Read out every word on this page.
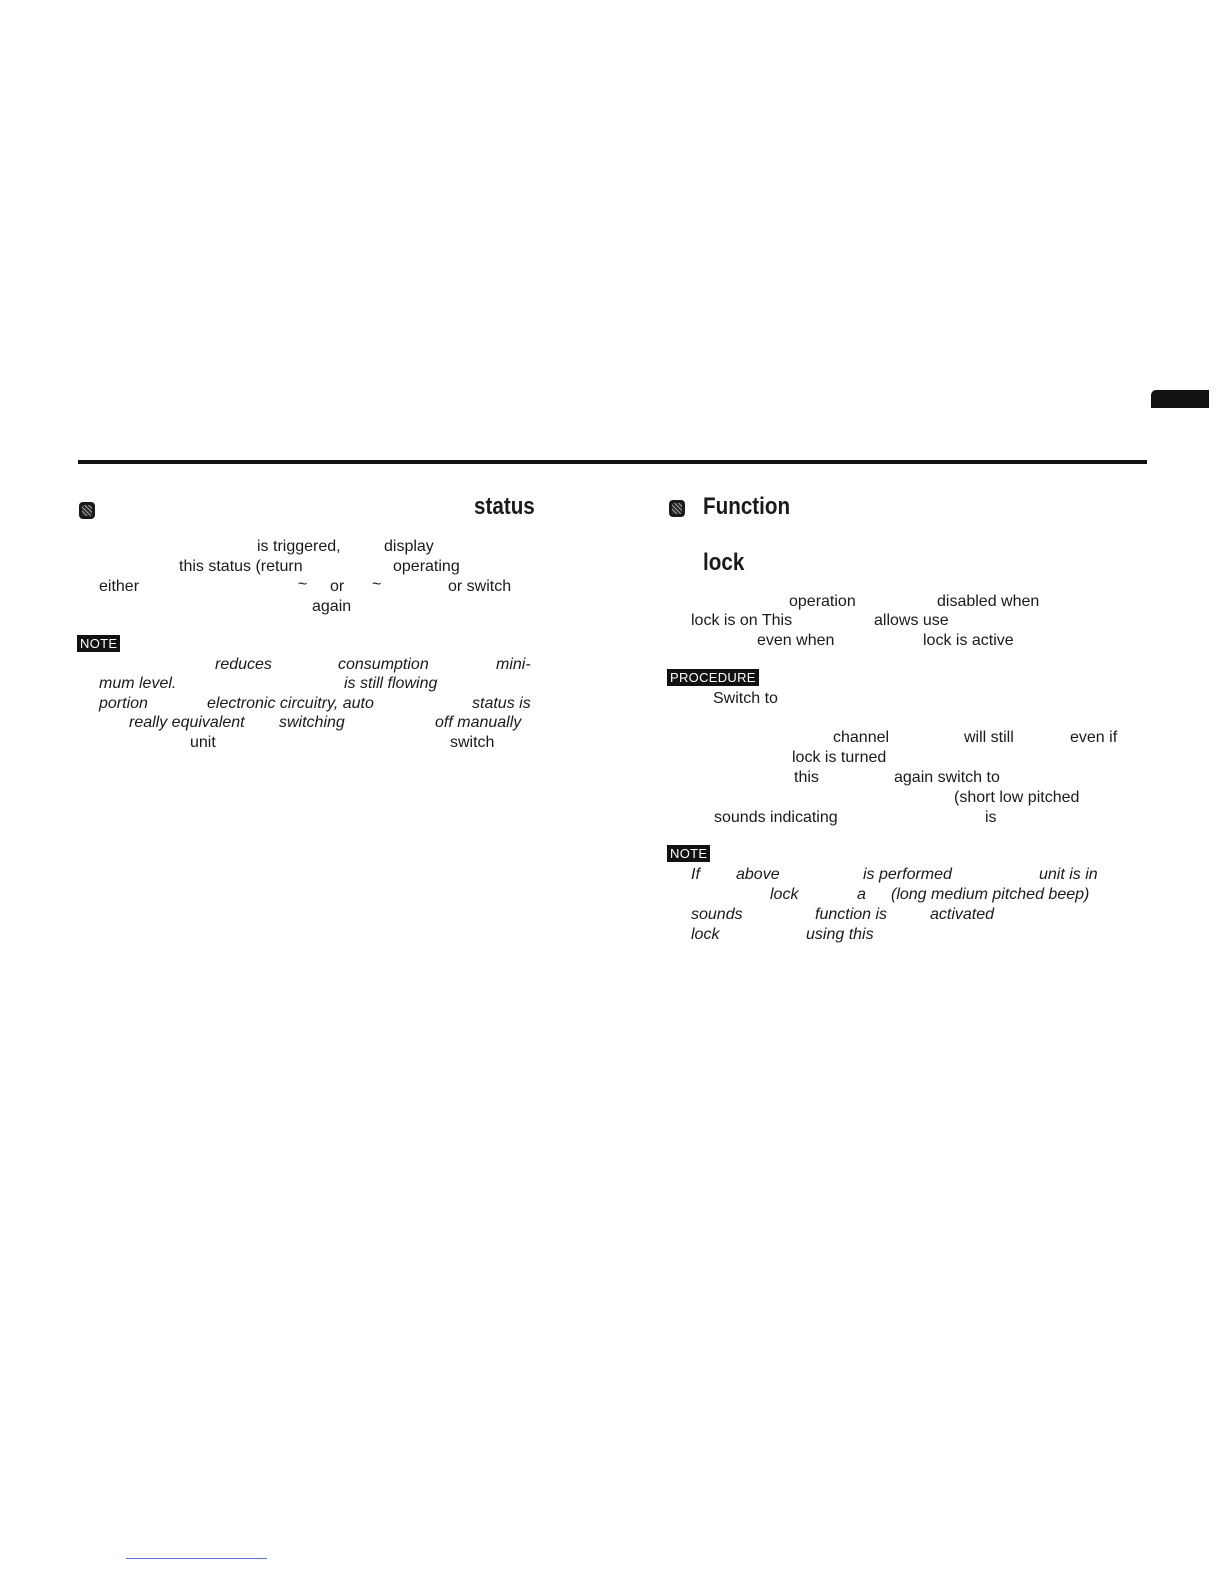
status
is triggered,	display
this status (return	operating
either	~ or ~	or switch
again
NOTE
reduces	consumption	mini-
mum level.	is still flowing
portion	electronic circuitry, auto	status is
really equivalent switching	off manually
unit	switch
Function
lock
operation	disabled when
lock is on This	allows use
even when	lock is active
PROCEDURE
Switch to
channel	will still	even if
lock is turned
this	again switch to
(short low pitched
sounds indicating	is
NOTE
If above	is performed	unit is in
lock	a (long medium pitched beep)
sounds	function is	activated
lock	using this
